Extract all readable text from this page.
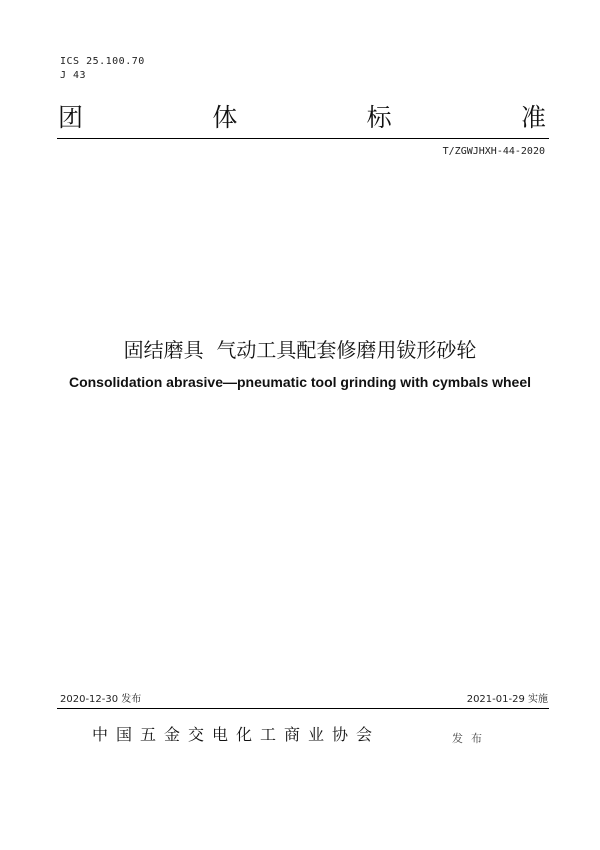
ICS 25.100.70
J 43
团	体	标	准
T/ZGWJHXH-44-2020
固结磨具  气动工具配套修磨用钹形砂轮
Consolidation abrasive—pneumatic tool grinding with cymbals wheel
2020-12-30 发布	2021-01-29 实施
中国五金交电化工商业协会	发布
